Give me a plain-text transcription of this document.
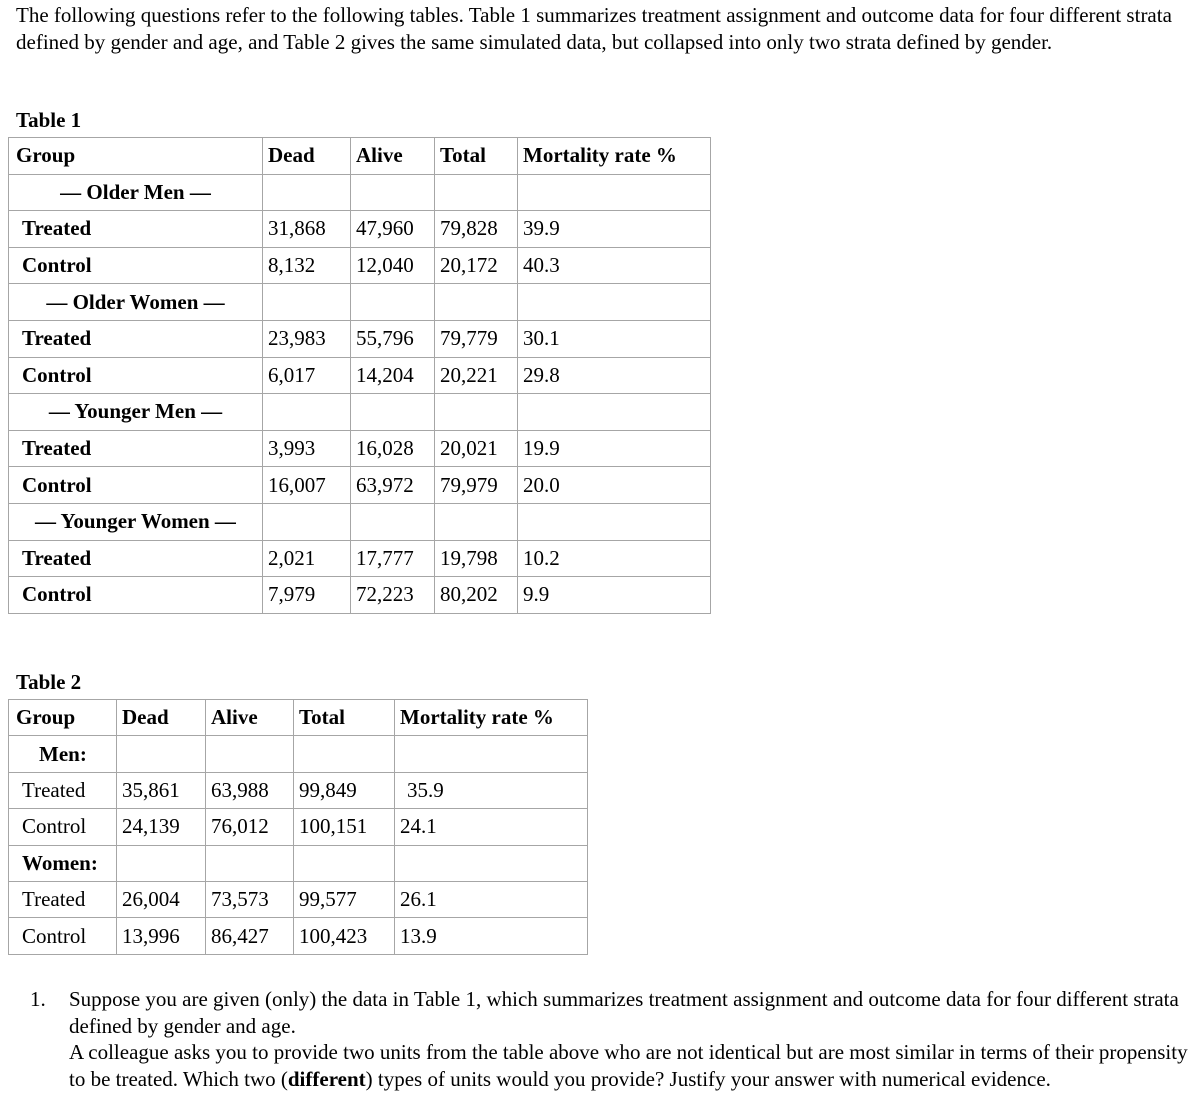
The following questions refer to the following tables. Table 1 summarizes treatment assignment and outcome data for four different strata defined by gender and age, and Table 2 gives the same simulated data, but collapsed into only two strata defined by gender.

Table 1

Group	Dead	Alive	Total	Mortality rate %
— Older Men —				
Treated	31,868	47,960	79,828	39.9
Control	8,132	12,040	20,172	40.3
— Older Women —				
Treated	23,983	55,796	79,779	30.1
Control	6,017	14,204	20,221	29.8
— Younger Men —				
Treated	3,993	16,028	20,021	19.9
Control	16,007	63,972	79,979	20.0
— Younger Women —				
Treated	2,021	17,777	19,798	10.2
Control	7,979	72,223	80,202	9.9

Table 2

Group	Dead	Alive	Total	Mortality rate %
Men:				
Treated	35,861	63,988	99,849	35.9
Control	24,139	76,012	100,151	24.1
Women:				
Treated	26,004	73,573	99,577	26.1
Control	13,996	86,427	100,423	13.9
1. Suppose you are given (only) the data in Table 1, which summarizes treatment assignment and outcome data for four different strata defined by gender and age.
A colleague asks you to provide two units from the table above who are not identical but are most similar in terms of their propensity to be treated. Which two (different) types of units would you provide? Justify your answer with numerical evidence.
